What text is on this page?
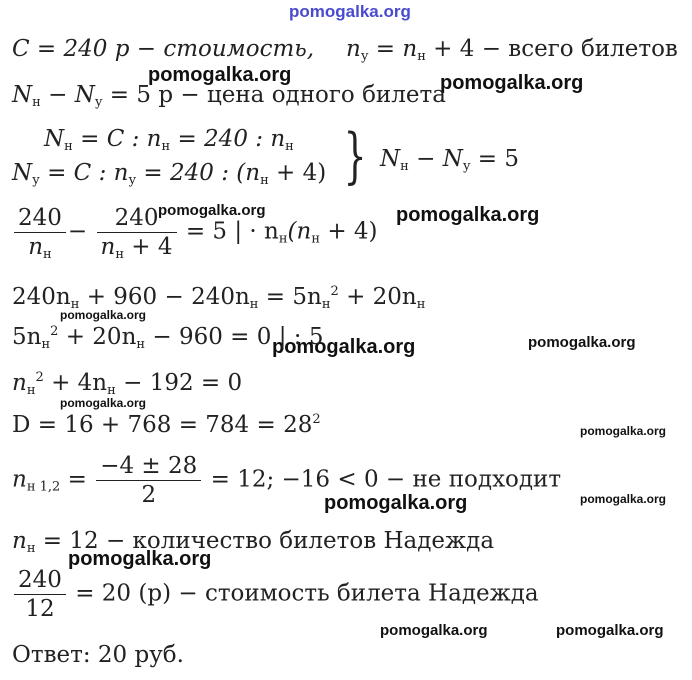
pomogalka.org
pomogalka.org	pomogalka.org
pomogalka.org	pomogalka.org
pomogalka.org
pomogalka.org	pomogalka.org
pomogalka.org
pomogalka.org
pomogalka.org
pomogalka.org
pomogalka.org
pomogalka.org	pomogalka.org
C = 240 р − стоимость, $n_у = n_н + 4$ − всего билетов
$N_н - N_у = 5$ р − цена одного билета
$N_н = C$ : $n_н = 240$ : $n_н$
$N_у = C$ : $n_у = 240$ : $(n_н + 4)$ } $N_н - N_у = 5$
$\frac{240}{n_н} - \frac{240}{n_н + 4} = 5$ | · $n_н(n_н + 4)$
$240n_н + 960 - 240n_н = 5n_н^2 + 20n_н$
$5n_н^2 + 20n_н - 960 = 0$ | : 5
$n_н^2 + 4n_н - 192 = 0$
$D = 16 + 768 = 784 = 28^2$
$n_{н 1,2} = \frac{-4 \pm 28}{2} = 12$; −16 < 0 − не подходит
$n_н = 12$ − количество билетов Надежда
$\frac{240}{12} = 20$ (р) − стоимость билета Надежда
Ответ: 20 руб.
